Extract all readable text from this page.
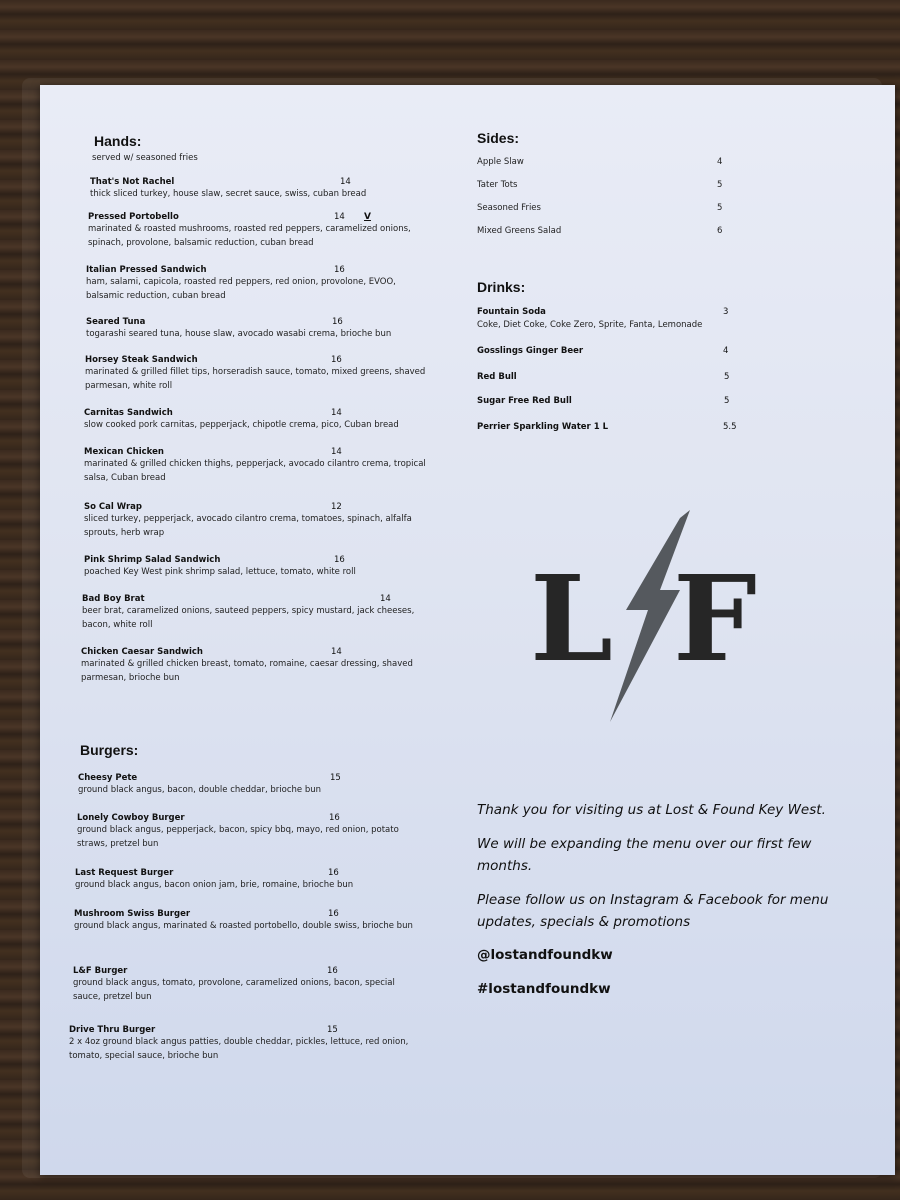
Hands:
served w/ seasoned fries
That's Not Rachel	14
thick sliced turkey, house slaw, secret sauce, swiss, cuban bread
Pressed Portobello	14 V
marinated & roasted mushrooms, roasted red peppers, caramelized onions, spinach, provolone, balsamic reduction, cuban bread
Italian Pressed Sandwich	16
ham, salami, capicola, roasted red peppers, red onion, provolone, EVOO, balsamic reduction, cuban bread
Seared Tuna	16
togarashi seared tuna, house slaw, avocado wasabi crema, brioche bun
Horsey Steak Sandwich	16
marinated & grilled fillet tips, horseradish sauce, tomato, mixed greens, shaved parmesan, white roll
Carnitas Sandwich	14
slow cooked pork carnitas, pepperjack, chipotle crema, pico, Cuban bread
Mexican Chicken	14
marinated & grilled chicken thighs, pepperjack, avocado cilantro crema, tropical salsa, Cuban bread
So Cal Wrap	12
sliced turkey, pepperjack, avocado cilantro crema, tomatoes, spinach, alfalfa sprouts, herb wrap
Pink Shrimp Salad Sandwich	16
poached Key West pink shrimp salad, lettuce, tomato, white roll
Bad Boy Brat	14
beer brat, caramelized onions, sauteed peppers, spicy mustard, jack cheeses, bacon, white roll
Chicken Caesar Sandwich	14
marinated & grilled chicken breast, tomato, romaine, caesar dressing, shaved parmesan, brioche bun
Burgers:
Cheesy Pete	15
ground black angus, bacon, double cheddar, brioche bun
Lonely Cowboy Burger	16
ground black angus, pepperjack, bacon, spicy bbq, mayo, red onion, potato straws, pretzel bun
Last Request Burger	16
ground black angus, bacon onion jam, brie, romaine, brioche bun
Mushroom Swiss Burger	16
ground black angus, marinated & roasted portobello, double swiss, brioche bun
L&F Burger	16
ground black angus, tomato, provolone, caramelized onions, bacon, special sauce, pretzel bun
Drive Thru Burger	15
2 x 4oz ground black angus patties, double cheddar, pickles, lettuce, red onion, tomato, special sauce, brioche bun
Sides:
Apple Slaw	4
Tater Tots	5
Seasoned Fries	5
Mixed Greens Salad	6
Drinks:
Fountain Soda	3
Coke, Diet Coke, Coke Zero, Sprite, Fanta, Lemonade
Gosslings Ginger Beer	4
Red Bull	5
Sugar Free Red Bull	5
Perrier Sparkling Water 1 L	5.5
L F

Thank you for visiting us at Lost & Found Key West.

We will be expanding the menu over our first few months.

Please follow us on Instagram & Facebook for menu updates, specials & promotions

@lostandfoundkw
#lostandfoundkw
